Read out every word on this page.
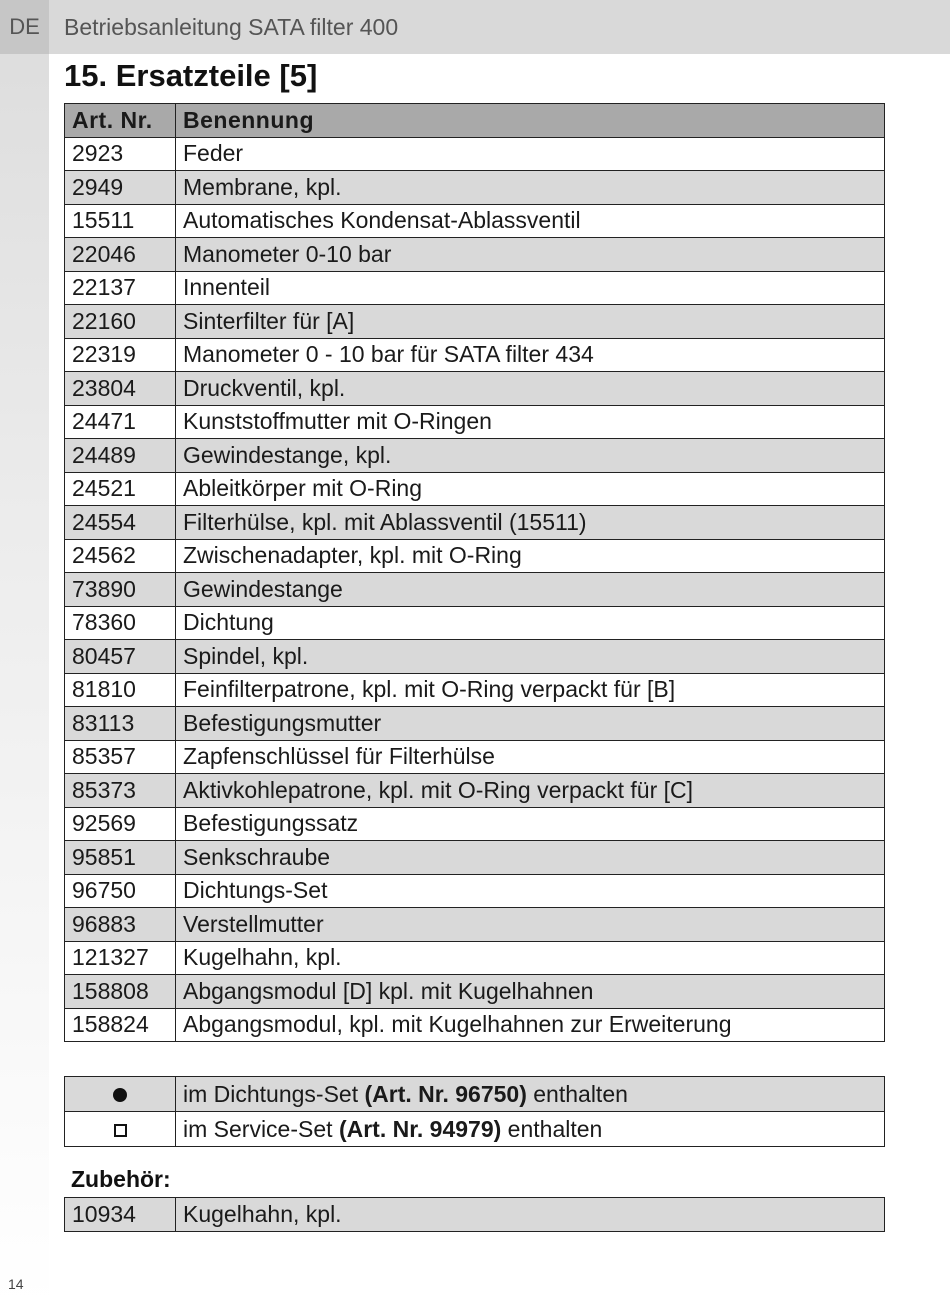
DE	Betriebsanleitung SATA filter 400
15. Ersatzteile [5]
Art. Nr.	Benennung
2923	Feder
2949	Membrane, kpl.
15511	Automatisches Kondensat-Ablassventil
22046	Manometer 0-10 bar
22137	Innenteil
22160	Sinterfilter für [A]
22319	Manometer 0 - 10 bar für SATA filter 434
23804	Druckventil, kpl.
24471	Kunststoffmutter mit O-Ringen
24489	Gewindestange, kpl.
24521	Ableitkörper mit O-Ring
24554	Filterhülse, kpl. mit Ablassventil (15511)
24562	Zwischenadapter, kpl. mit O-Ring
73890	Gewindestange
78360	Dichtung
80457	Spindel, kpl.
81810	Feinfilterpatrone, kpl. mit O-Ring verpackt für [B]
83113	Befestigungsmutter
85357	Zapfenschlüssel für Filterhülse
85373	Aktivkohlepatrone, kpl. mit O-Ring verpackt für [C]
92569	Befestigungssatz
95851	Senkschraube
96750	Dichtungs-Set
96883	Verstellmutter
121327	Kugelhahn, kpl.
158808	Abgangsmodul [D] kpl. mit Kugelhahnen
158824	Abgangsmodul, kpl. mit Kugelhahnen zur Erweiterung
	im Dichtungs-Set (Art. Nr. 96750) enthalten
	im Service-Set (Art. Nr. 94979) enthalten
Zubehör:
10934	Kugelhahn, kpl.
14
